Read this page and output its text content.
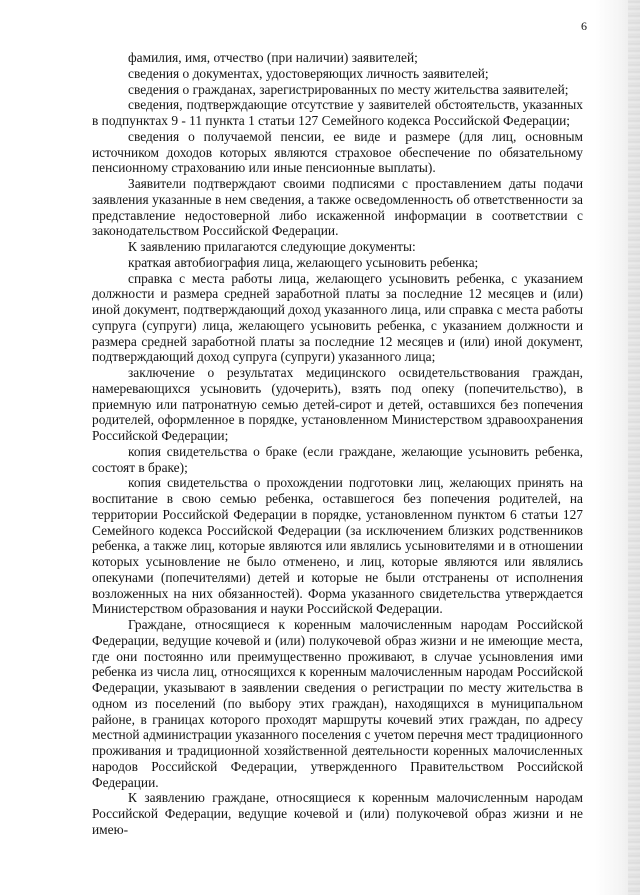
6

фамилия, имя, отчество (при наличии) заявителей;

сведения о документах, удостоверяющих личность заявителей;

сведения о гражданах, зарегистрированных по месту жительства заявителей;

сведения, подтверждающие отсутствие у заявителей обстоятельств, указанных в подпунктах 9 - 11 пункта 1 статьи 127 Семейного кодекса Российской Федерации;

сведения о получаемой пенсии, ее виде и размере (для лиц, основным источником доходов которых являются страховое обеспечение по обязательному пенсионному страхованию или иные пенсионные выплаты).

Заявители подтверждают своими подписями с проставлением даты подачи заявления указанные в нем сведения, а также осведомленность об ответственности за представление недостоверной либо искаженной информации в соответствии с законодательством Российской Федерации.

К заявлению прилагаются следующие документы:

краткая автобиография лица, желающего усыновить ребенка;

справка с места работы лица, желающего усыновить ребенка, с указанием должности и размера средней заработной платы за последние 12 месяцев и (или) иной документ, подтверждающий доход указанного лица, или справка с места работы супруга (супруги) лица, желающего усыновить ребенка, с указанием должности и размера средней заработной платы за последние 12 месяцев и (или) иной документ, подтверждающий доход супруга (супруги) указанного лица;

заключение о результатах медицинского освидетельствования граждан, намеревающихся усыновить (удочерить), взять под опеку (попечительство), в приемную или патронатную семью детей-сирот и детей, оставшихся без попечения родителей, оформленное в порядке, установленном Министерством здравоохранения Российской Федерации;

копия свидетельства о браке (если граждане, желающие усыновить ребенка, состоят в браке);

копия свидетельства о прохождении подготовки лиц, желающих принять на воспитание в свою семью ребенка, оставшегося без попечения родителей, на территории Российской Федерации в порядке, установленном пунктом 6 статьи 127 Семейного кодекса Российской Федерации (за исключением близких родственников ребенка, а также лиц, которые являются или являлись усыновителями и в отношении которых усыновление не было отменено, и лиц, которые являются или являлись опекунами (попечителями) детей и которые не были отстранены от исполнения возложенных на них обязанностей). Форма указанного свидетельства утверждается Министерством образования и науки Российской Федерации.

Граждане, относящиеся к коренным малочисленным народам Российской Федерации, ведущие кочевой и (или) полукочевой образ жизни и не имеющие места, где они постоянно или преимущественно проживают, в случае усыновления ими ребенка из числа лиц, относящихся к коренным малочисленным народам Российской Федерации, указывают в заявлении сведения о регистрации по месту жительства в одном из поселений (по выбору этих граждан), находящихся в муниципальном районе, в границах которого проходят маршруты кочевий этих граждан, по адресу местной администрации указанного поселения с учетом перечня мест традиционного проживания и традиционной хозяйственной деятельности коренных малочисленных народов Российской Федерации, утвержденного Правительством Российской Федерации.

К заявлению граждане, относящиеся к коренным малочисленным народам Российской Федерации, ведущие кочевой и (или) полукочевой образ жизни и не имею-
